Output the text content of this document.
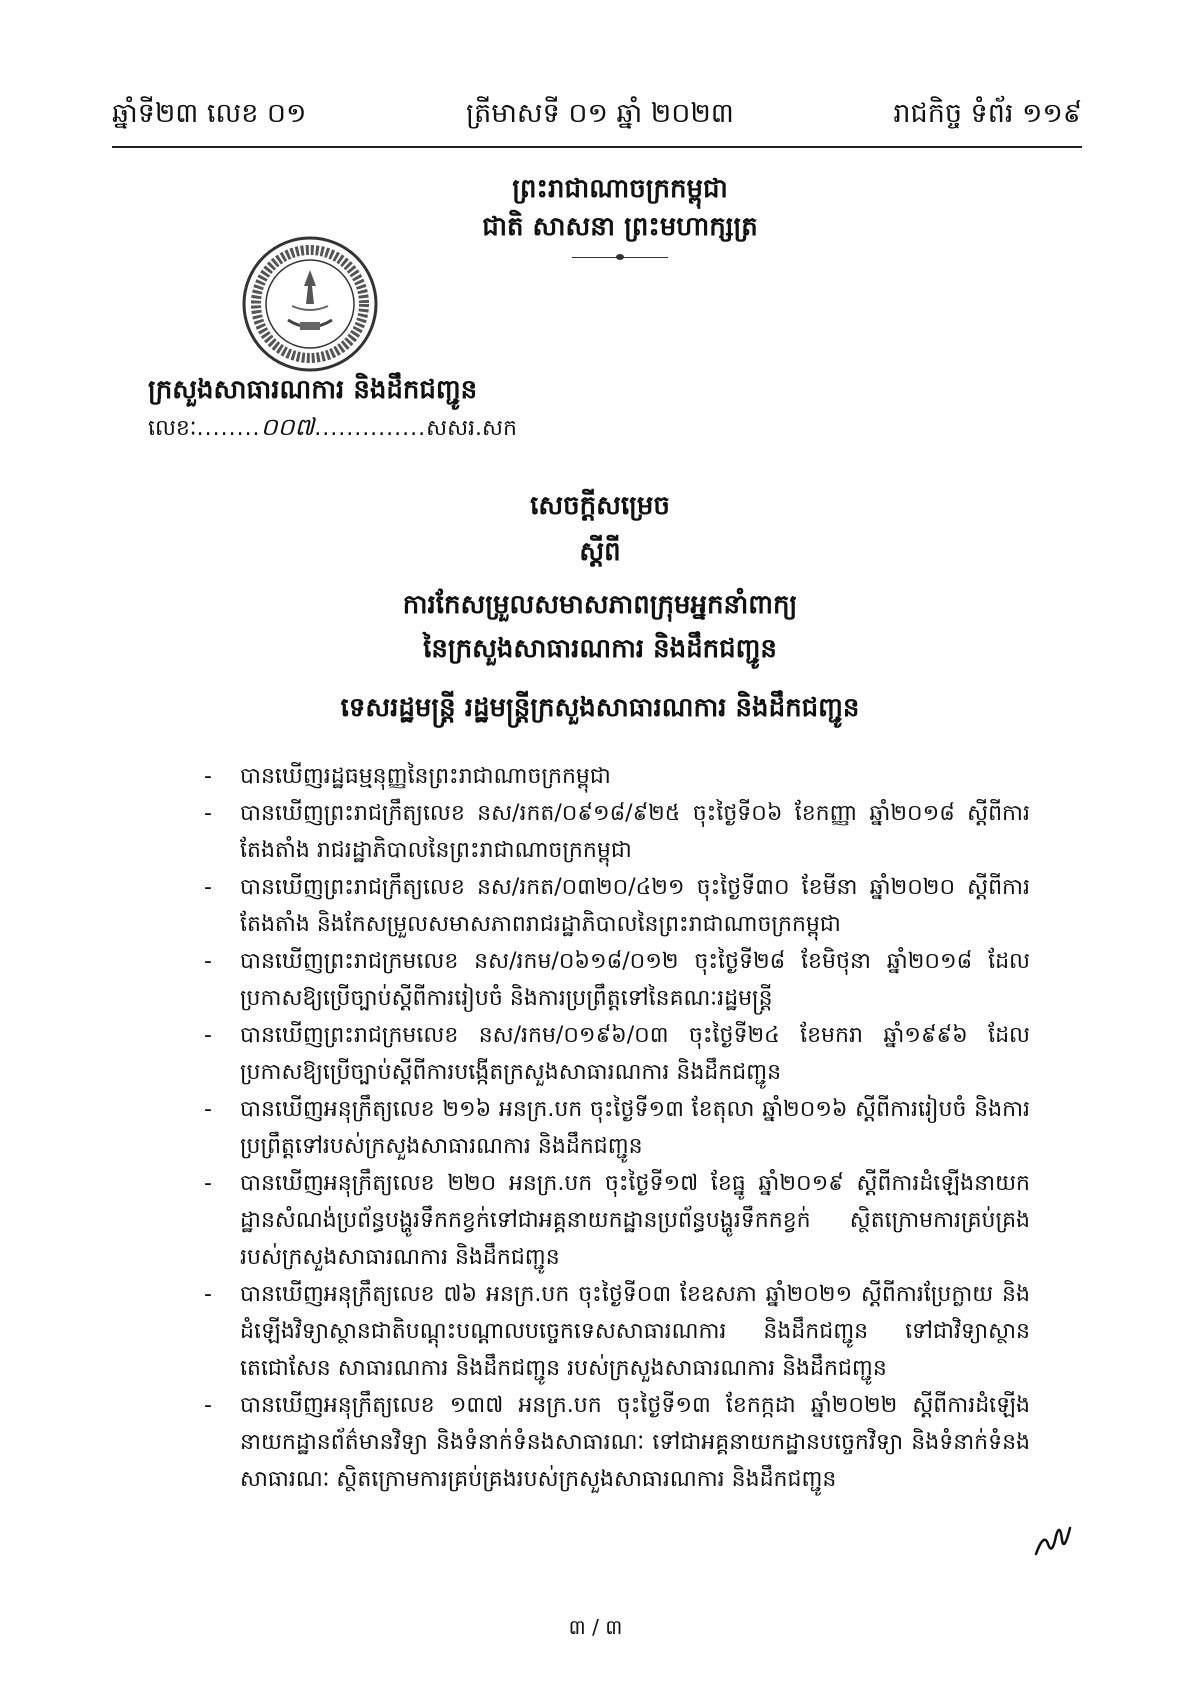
ឆ្នាំទី២៣ លេខ ០១	ត្រីមាសទី ០១ ឆ្នាំ ២០២៣	រាជកិច្ច ទំព័រ ១១៩
ព្រះរាជាណាចក្រកម្ពុជា
ជាតិ សាសនា ព្រះមហាក្សត្រ
ក្រសួងសាធារណការ និងដឹកជញ្ជូន
លេខៈ ........ ០០៧ .............. សសរ.សក
សេចក្តីសម្រេច
ស្តីពី
ការកែសម្រួលសមាសភាពក្រុមអ្នកនាំពាក្យ
នៃក្រសួងសាធារណការ និងដឹកជញ្ជូន
ទេសរដ្ឋមន្ត្រី រដ្ឋមន្ត្រីក្រសួងសាធារណការ និងដឹកជញ្ជូន
- បានឃើញរដ្ឋធម្មនុញ្ញនៃព្រះរាជាណាចក្រកម្ពុជា
- បានឃើញព្រះរាជក្រឹត្យលេខ នស/រកត/០៩១៨/៩២៥ ចុះថ្ងៃទី០៦ ខែកញ្ញា ឆ្នាំ២០១៨ ស្តីពីការតែងតាំង រាជរដ្ឋាភិបាលនៃព្រះរាជាណាចក្រកម្ពុជា
- បានឃើញព្រះរាជក្រឹត្យលេខ នស/រកត/០៣២០/៤២១ ចុះថ្ងៃទី៣០ ខែមីនា ឆ្នាំ២០២០ ស្តីពីការតែងតាំង និងកែសម្រួលសមាសភាពរាជរដ្ឋាភិបាលនៃព្រះរាជាណាចក្រកម្ពុជា
- បានឃើញព្រះរាជក្រមលេខ នស/រកម/០៦១៨/០១២ ចុះថ្ងៃទី២៨ ខែមិថុនា ឆ្នាំ២០១៨ ដែលប្រកាសឱ្យប្រើច្បាប់ស្តីពីការរៀបចំ និងការប្រព្រឹត្តទៅនៃគណៈរដ្ឋមន្ត្រី
- បានឃើញព្រះរាជក្រមលេខ នស/រកម/០១៩៦/០៣ ចុះថ្ងៃទី២៤ ខែមករា ឆ្នាំ១៩៩៦ ដែលប្រកាសឱ្យប្រើច្បាប់ស្តីពីការបង្កើតក្រសួងសាធារណការ និងដឹកជញ្ជូន
- បានឃើញអនុក្រឹត្យលេខ ២១៦ អនក្រ.បក ចុះថ្ងៃទី១៣ ខែតុលា ឆ្នាំ២០១៦ ស្តីពីការរៀបចំ និងការប្រព្រឹត្តទៅរបស់ក្រសួងសាធារណការ និងដឹកជញ្ជូន
- បានឃើញអនុក្រឹត្យលេខ ២២០ អនក្រ.បក ចុះថ្ងៃទី១៧ ខែធ្នូ ឆ្នាំ២០១៩ ស្តីពីការដំឡើងនាយកដ្ឋានសំណង់ប្រព័ន្ធបង្ហូរទឹកកខ្វក់ទៅជាអគ្គនាយកដ្ឋានប្រព័ន្ធបង្ហូរទឹកកខ្វក់ ស្ថិតក្រោមការគ្រប់គ្រងរបស់ក្រសួងសាធារណការ និងដឹកជញ្ជូន
- បានឃើញអនុក្រឹត្យលេខ ៧៦ អនក្រ.បក ចុះថ្ងៃទី០៣ ខែឧសភា ឆ្នាំ២០២១ ស្តីពីការប្រែក្លាយ និងដំឡើងវិទ្យាស្ថានជាតិបណ្តុះបណ្តាលបច្ចេកទេសសាធារណការ និងដឹកជញ្ជូន ទៅជាវិទ្យាស្ថានតេជោសែន សាធារណការ និងដឹកជញ្ជូន របស់ក្រសួងសាធារណការ និងដឹកជញ្ជូន
- បានឃើញអនុក្រឹត្យលេខ ១៣៧ អនក្រ.បក ចុះថ្ងៃទី១៣ ខែកក្កដា ឆ្នាំ២០២២ ស្តីពីការដំឡើងនាយកដ្ឋានព័ត៌មានវិទ្យា និងទំនាក់ទំនងសាធារណៈ ទៅជាអគ្គនាយកដ្ឋានបច្ចេកវិទ្យា និងទំនាក់ទំនងសាធារណៈ ស្ថិតក្រោមការគ្រប់គ្រងរបស់ក្រសួងសាធារណការ និងដឹកជញ្ជូន
៣ / ៣
